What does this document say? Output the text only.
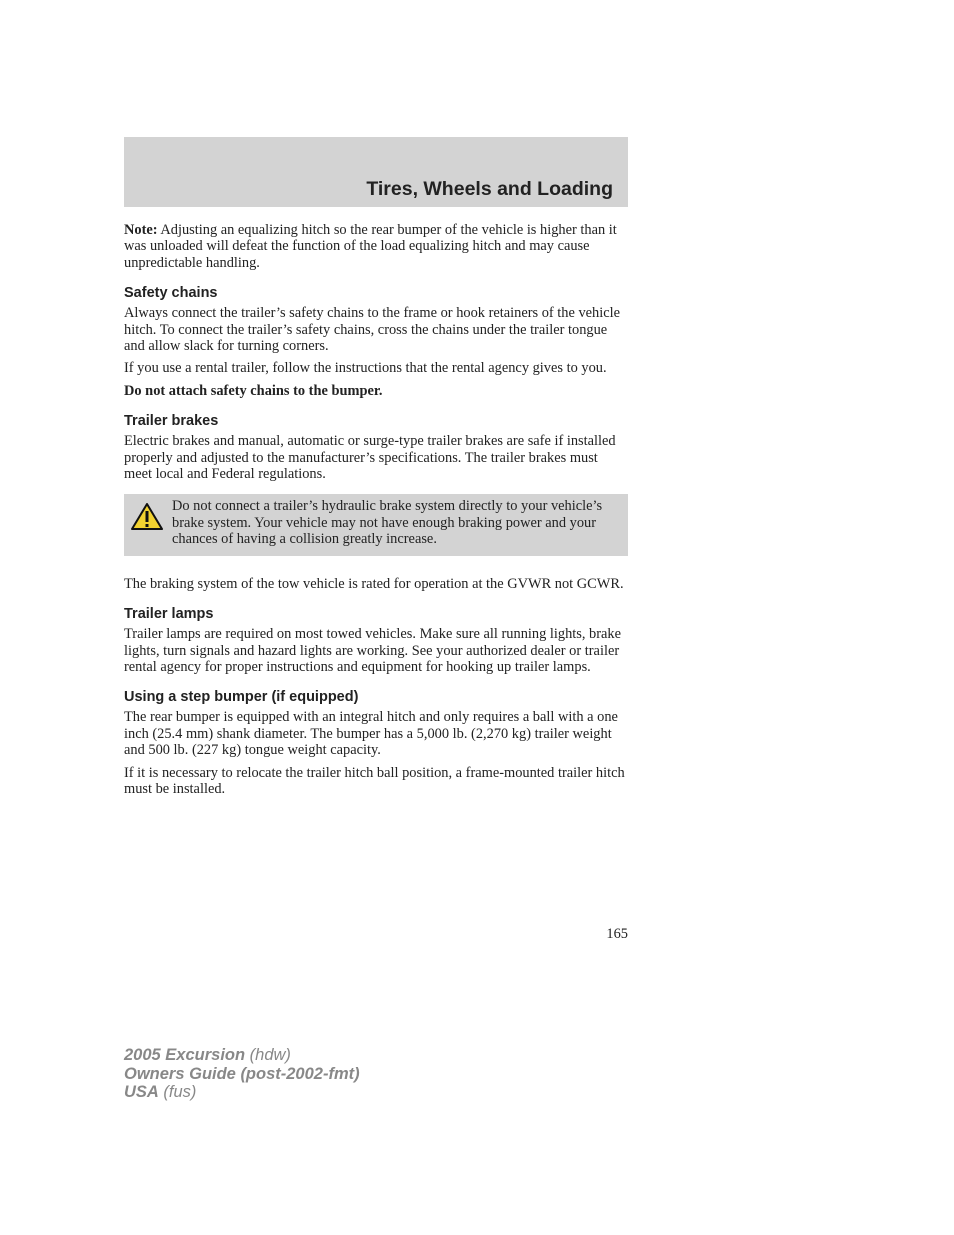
Tires, Wheels and Loading

Note: Adjusting an equalizing hitch so the rear bumper of the vehicle is higher than it was unloaded will defeat the function of the load equalizing hitch and may cause unpredictable handling.

Safety chains

Always connect the trailer’s safety chains to the frame or hook retainers of the vehicle hitch. To connect the trailer’s safety chains, cross the chains under the trailer tongue and allow slack for turning corners.

If you use a rental trailer, follow the instructions that the rental agency gives to you.

Do not attach safety chains to the bumper.

Trailer brakes

Electric brakes and manual, automatic or surge-type trailer brakes are safe if installed properly and adjusted to the manufacturer’s specifications. The trailer brakes must meet local and Federal regulations.

Do not connect a trailer’s hydraulic brake system directly to your vehicle’s brake system. Your vehicle may not have enough braking power and your chances of having a collision greatly increase.

The braking system of the tow vehicle is rated for operation at the GVWR not GCWR.

Trailer lamps

Trailer lamps are required on most towed vehicles. Make sure all running lights, brake lights, turn signals and hazard lights are working. See your authorized dealer or trailer rental agency for proper instructions and equipment for hooking up trailer lamps.

Using a step bumper (if equipped)

The rear bumper is equipped with an integral hitch and only requires a ball with a one inch (25.4 mm) shank diameter. The bumper has a 5,000 lb. (2,270 kg) trailer weight and 500 lb. (227 kg) tongue weight capacity.

If it is necessary to relocate the trailer hitch ball position, a frame-mounted trailer hitch must be installed.

165
2005 Excursion (hdw)
Owners Guide (post-2002-fmt)
USA (fus)
